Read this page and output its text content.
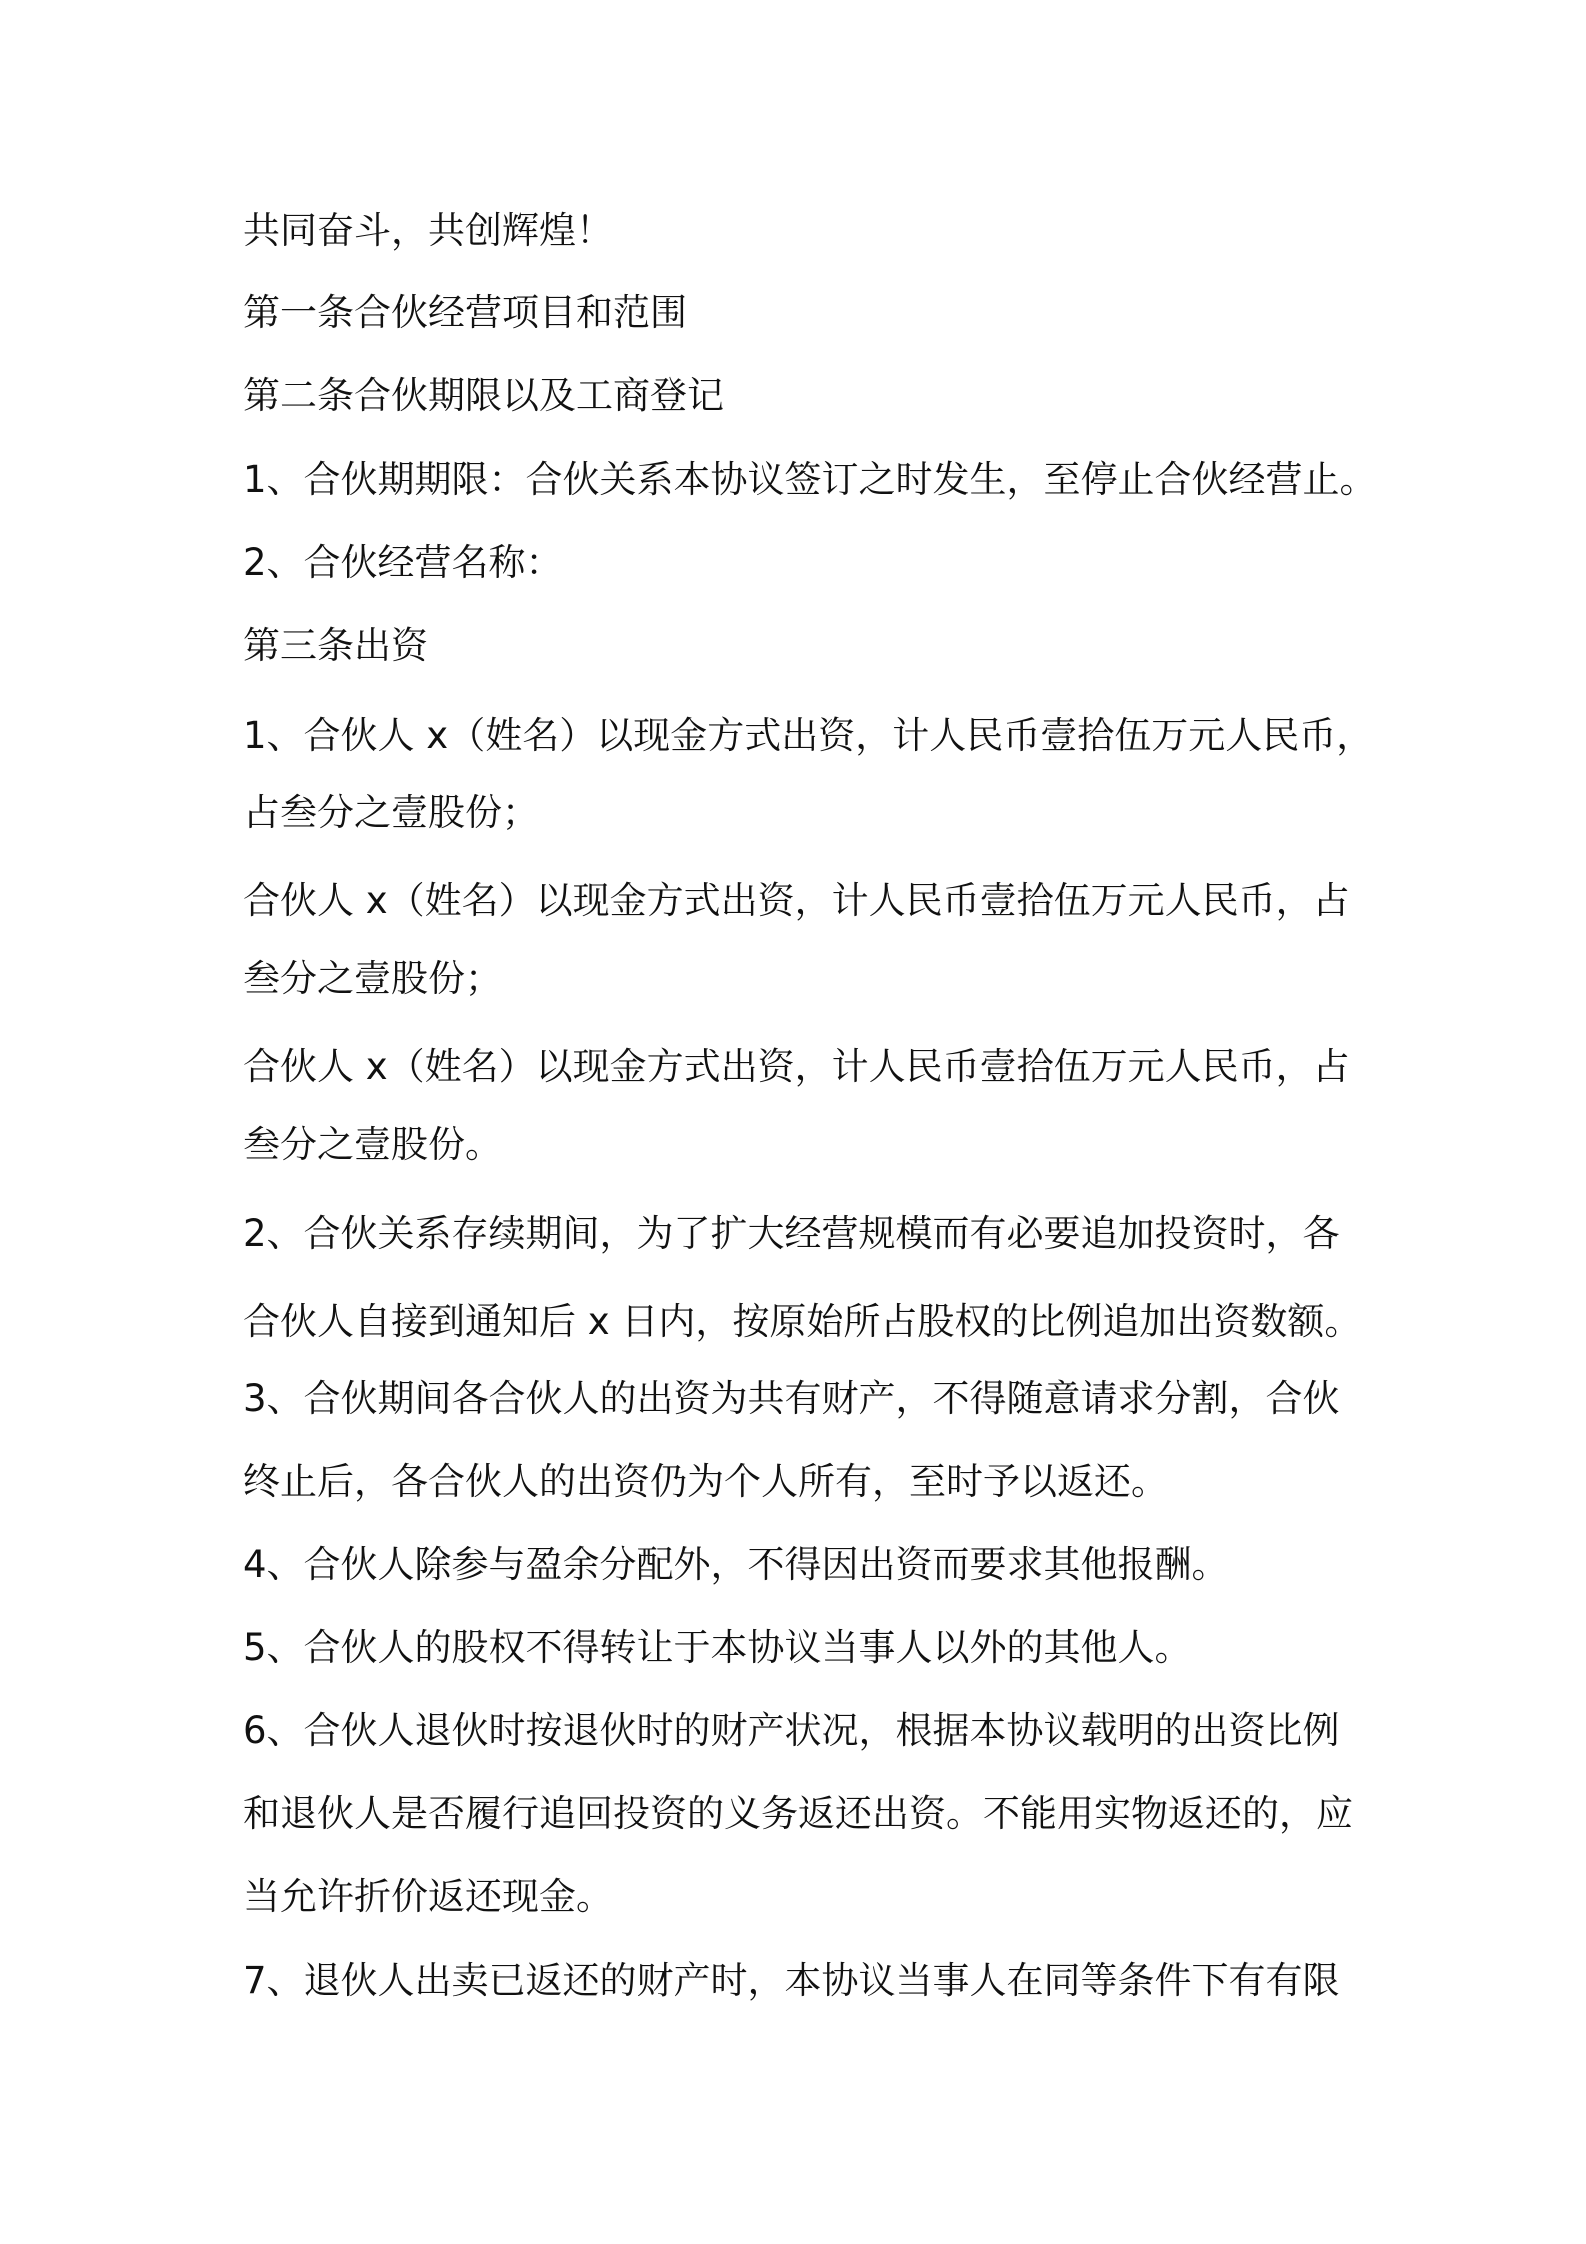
共同奋斗，共创辉煌！

第一条合伙经营项目和范围

第二条合伙期限以及工商登记

1、合伙期期限：合伙关系本协议签订之时发生，至停止合伙经营止。

2、合伙经营名称：

第三条出资

1、合伙人 x（姓名）以现金方式出资，计人民币壹拾伍万元人民币，

占叁分之壹股份；

合伙人 x（姓名）以现金方式出资，计人民币壹拾伍万元人民币，占

叁分之壹股份；

合伙人 x（姓名）以现金方式出资，计人民币壹拾伍万元人民币，占

叁分之壹股份。

2、合伙关系存续期间，为了扩大经营规模而有必要追加投资时，各

合伙人自接到通知后 x 日内，按原始所占股权的比例追加出资数额。

3、合伙期间各合伙人的出资为共有财产，不得随意请求分割，合伙

终止后，各合伙人的出资仍为个人所有，至时予以返还。

4、合伙人除参与盈余分配外，不得因出资而要求其他报酬。

5、合伙人的股权不得转让于本协议当事人以外的其他人。

6、合伙人退伙时按退伙时的财产状况，根据本协议载明的出资比例

和退伙人是否履行追回投资的义务返还出资。不能用实物返还的，应

当允许折价返还现金。

7、退伙人出卖已返还的财产时，本协议当事人在同等条件下有有限
